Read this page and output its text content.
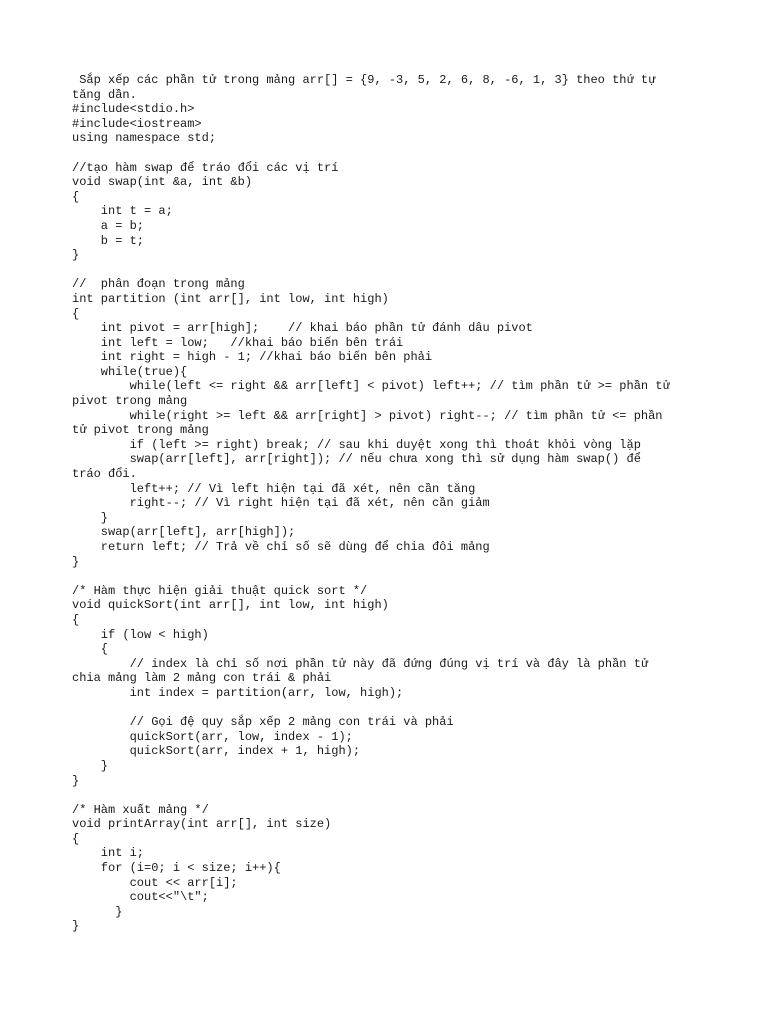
Sắp xếp các phần tử trong mảng arr[] = {9, -3, 5, 2, 6, 8, -6, 1, 3} theo thứ tự
tăng dần.
#include<stdio.h>
#include<iostream>
using namespace std;
//tạo hàm swap để tráo đổi các vị trí
void swap(int &a, int &b)
{
int t = a;
a = b;
b = t;
}
//  phân đoạn trong mảng
int partition (int arr[], int low, int high)
{
int pivot = arr[high];    // khai báo phần tử đánh dâu pivot
int left = low;   //khai báo biến bên trái
int right = high - 1; //khai báo biến bên phải
while(true){
while(left <= right && arr[left] < pivot) left++; // tìm phần tử >= phần tử
pivot trong mảng
while(right >= left && arr[right] > pivot) right--; // tìm phần tử <= phần
tử pivot trong mảng
if (left >= right) break; // sau khi duyệt xong thì thoát khỏi vòng lặp
swap(arr[left], arr[right]); // nếu chưa xong thì sử dụng hàm swap() để
tráo đổi.
left++; // Vì left hiện tại đã xét, nên cần tăng
right--; // Vì right hiện tại đã xét, nên cần giảm
}
swap(arr[left], arr[high]);
return left; // Trả về chỉ số sẽ dùng để chia đôi mảng
}
/* Hàm thực hiện giải thuật quick sort */
void quickSort(int arr[], int low, int high)
{
if (low < high)
{
// index là chỉ số nơi phần tử này đã đứng đúng vị trí và đây là phần tử
chia mảng làm 2 mảng con trái & phải
int index = partition(arr, low, high);
// Gọi đệ quy sắp xếp 2 mảng con trái và phải
quickSort(arr, low, index - 1);
quickSort(arr, index + 1, high);
}
}
/* Hàm xuất mảng */
void printArray(int arr[], int size)
{
int i;
for (i=0; i < size; i++){
cout << arr[i];
cout<<"\t";
}
}
